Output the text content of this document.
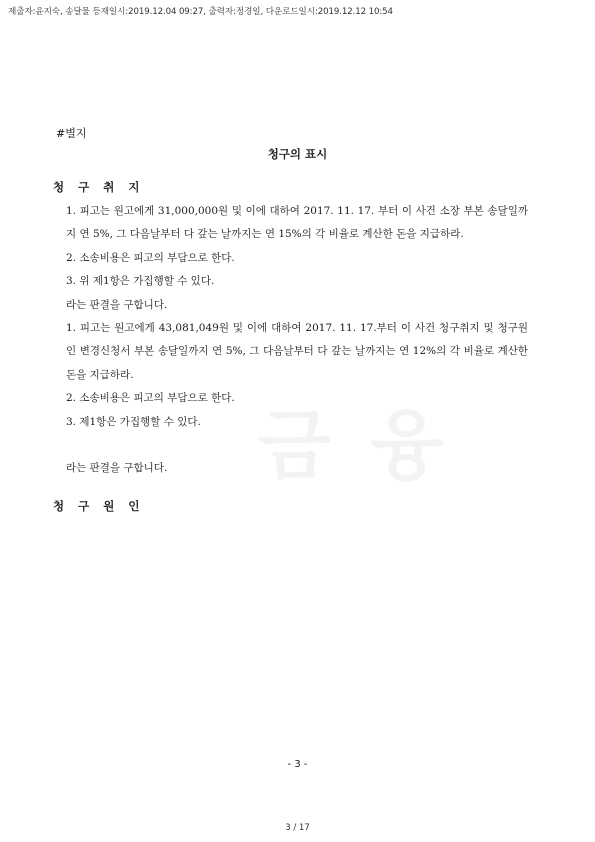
제출자:윤지숙, 송달물 등재일시:2019.12.04 09:27, 출력자:정경일, 다운로드일시:2019.12.12 10:54
#별지
청구의 표시
청 구 취 지

1. 피고는 원고에게 31,000,000원 및 이에 대하여 2017. 11. 17. 부터 이 사건 소장 부본 송달일까지 연 5%, 그 다음날부터 다 갚는 날까지는 연 15%의 각 비율로 계산한 돈을 지급하라.

2. 소송비용은 피고의 부담으로 한다.

3. 위 제1항은 가집행할 수 있다.

라는 판결을 구합니다.

1. 피고는 원고에게 43,081,049원 및 이에 대하여 2017. 11. 17.부터 이 사건 청구취지 및 청구원인 변경신청서 부본 송달일까지 연 5%, 그 다음날부터 다 갚는 날까지는 연 12%의 각 비율로 계산한 돈을 지급하라.

2. 소송비용은 피고의 부담으로 한다.

3. 제1항은 가집행할 수 있다.

라는 판결을 구합니다.

청 구 원 인
- 3 -
3 / 17
